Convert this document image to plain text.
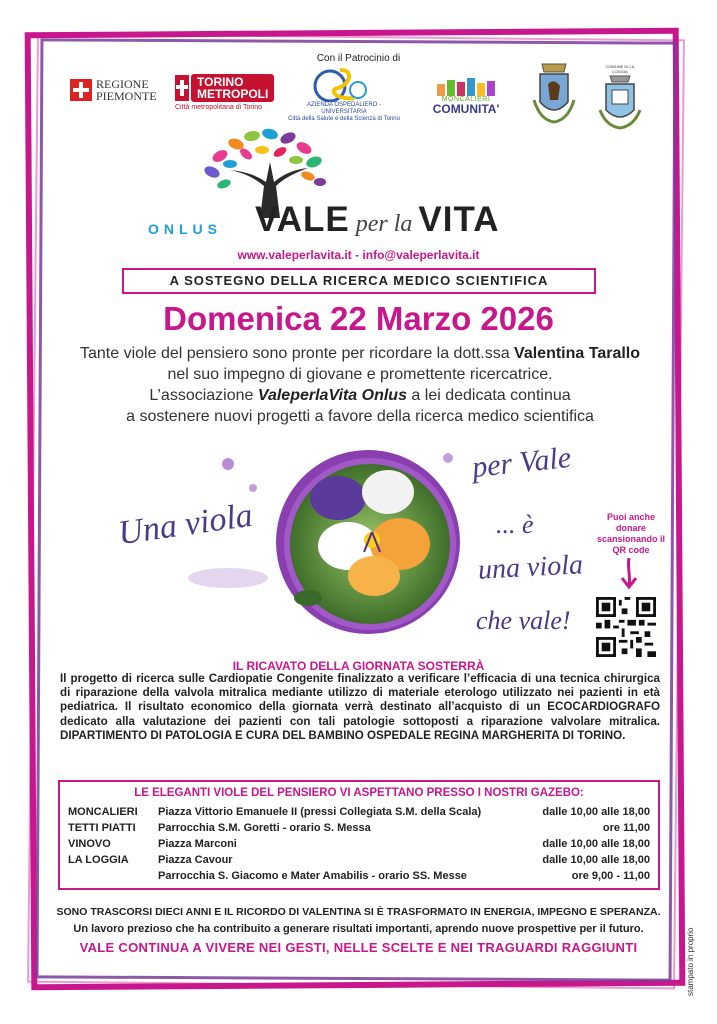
Con il Patrocinio di
REGIONE
PIEMONTE
TORINO
METROPOLI
Città metropolitana di Torino	AZIENDA OSPEDALIERO - UNIVERSITARIA
Città della Salute e della Scienza di Torino
MONCALIERI
COMUNITA'
COMUNE DI LA LOGGIA
ONLUS VALE per la VITA
www.valeperlavita.it - info@valeperlavita.it
A SOSTEGNO DELLA RICERCA MEDICO SCIENTIFICA
Domenica 22 Marzo 2026
Tante viole del pensiero sono pronte per ricordare la dott.ssa Valentina Tarallo
nel suo impegno di giovane e promettente ricercatrice.
L’associazione ValeperlaVita Onlus a lei dedicata continua
a sostenere nuovi progetti a favore della ricerca medico scientifica
Una viola
per Vale
... è
una viola
che vale!
Puoi anche donare scansionando il QR code
IL RICAVATO DELLA GIORNATA SOSTERRÀ
Il progetto di ricerca sulle Cardiopatie Congenite finalizzato a verificare l’efficacia di una tecnica chirurgica di riparazione della valvola mitralica mediante utilizzo di materiale eterologo utilizzato nei pazienti in età pediatrica. Il risultato economico della giornata verrà destinato all’acquisto di un ECOCARDIOGRAFO dedicato alla valutazione dei pazienti con tali patologie sottoposti a riparazione valvolare mitralica. DIPARTIMENTO DI PATOLOGIA E CURA DEL BAMBINO OSPEDALE REGINA MARGHERITA DI TORINO.
LE ELEGANTI VIOLE DEL PENSIERO VI ASPETTANO PRESSO I NOSTRI GAZEBO:
MONCALIERI Piazza Vittorio Emanuele II (pressi Collegiata S.M. della Scala)	dalle 10,00 alle 18,00
TETTI PIATTI Parrocchia S.M. Goretti - orario S. Messa	ore 11,00
VINOVO	Piazza Marconi	dalle 10,00 alle 18,00
LA LOGGIA	Piazza Cavour	dalle 10,00 alle 18,00
Parrocchia S. Giacomo e Mater Amabilis - orario SS. Messe	ore 9,00 - 11,00
SONO TRASCORSI DIECI ANNI E IL RICORDO DI VALENTINA SI È TRASFORMATO IN ENERGIA, IMPEGNO E SPERANZA.
Un lavoro prezioso che ha contribuito a generare risultati importanti, aprendo nuove prospettive per il futuro.
VALE CONTINUA A VIVERE NEI GESTI, NELLE SCELTE E NEI TRAGUARDI RAGGIUNTI	stampato in proprio
